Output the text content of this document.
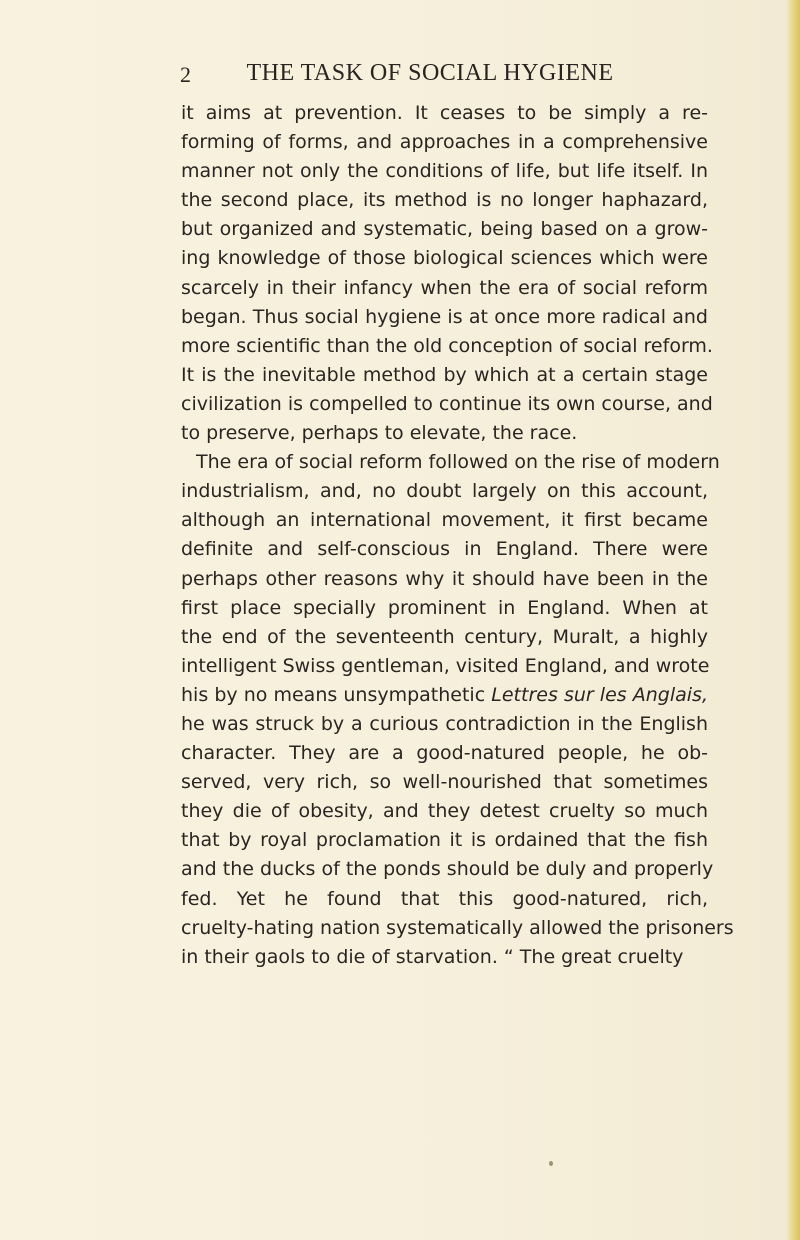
2	THE TASK OF SOCIAL HYGIENE
it aims at prevention. It ceases to be simply a re-
forming of forms, and approaches in a comprehensive
manner not only the conditions of life, but life itself. In
the second place, its method is no longer haphazard,
but organized and systematic, being based on a grow-
ing knowledge of those biological sciences which were
scarcely in their infancy when the era of social reform
began. Thus social hygiene is at once more radical and
more scientific than the old conception of social reform.
It is the inevitable method by which at a certain stage
civilization is compelled to continue its own course, and
to preserve, perhaps to elevate, the race.
The era of social reform followed on the rise of modern
industrialism, and, no doubt largely on this account,
although an international movement, it first became
definite and self-conscious in England. There were
perhaps other reasons why it should have been in the
first place specially prominent in England. When at
the end of the seventeenth century, Muralt, a highly
intelligent Swiss gentleman, visited England, and wrote
his by no means unsympathetic Lettres sur les Anglais,
he was struck by a curious contradiction in the English
character. They are a good-natured people, he ob-
served, very rich, so well-nourished that sometimes
they die of obesity, and they detest cruelty so much
that by royal proclamation it is ordained that the fish
and the ducks of the ponds should be duly and properly
fed. Yet he found that this good-natured, rich,
cruelty-hating nation systematically allowed the prisoners
in their gaols to die of starvation. “ The great cruelty
